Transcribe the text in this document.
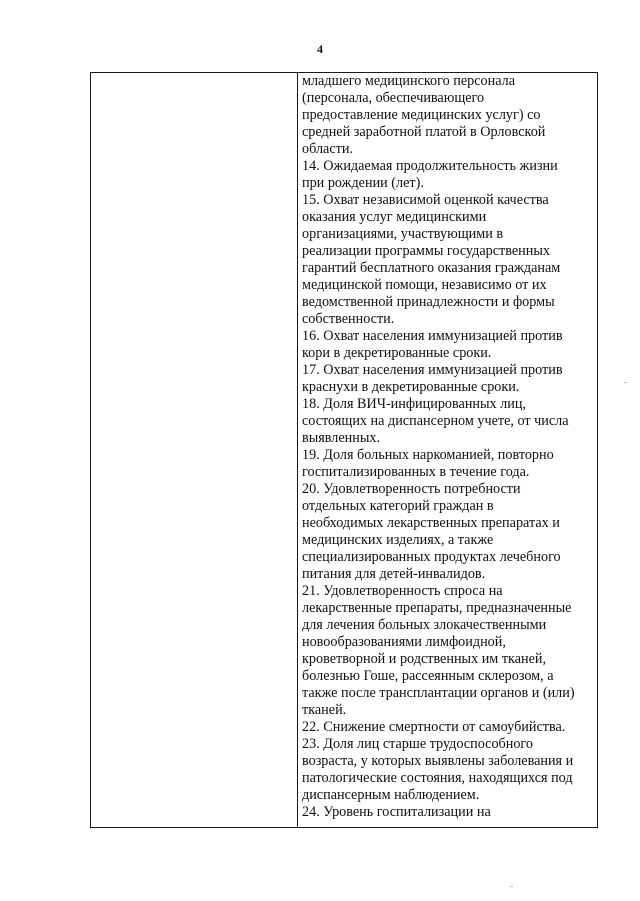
4
младшего медицинского персонала
(персонала, обеспечивающего
предоставление медицинских услуг) со
средней заработной платой в Орловской
области.
14. Ожидаемая продолжительность жизни
при рождении (лет).
15. Охват независимой оценкой качества
оказания услуг медицинскими
организациями, участвующими в
реализации программы государственных
гарантий бесплатного оказания гражданам
медицинской помощи, независимо от их
ведомственной принадлежности и формы
собственности.
16. Охват населения иммунизацией против
кори в декретированные сроки.
17. Охват населения иммунизацией против
краснухи в декретированные сроки.
18. Доля ВИЧ-инфицированных лиц,
состоящих на диспансерном учете, от числа
выявленных.
19. Доля больных наркоманией, повторно
госпитализированных в течение года.
20. Удовлетворенность потребности
отдельных категорий граждан в
необходимых лекарственных препаратах и
медицинских изделиях, а также
специализированных продуктах лечебного
питания для детей-инвалидов.
21. Удовлетворенность спроса на
лекарственные препараты, предназначенные
для лечения больных злокачественными
новообразованиями лимфоидной,
кроветворной и родственных им тканей,
болезнью Гоше, рассеянным склерозом, а
также после трансплантации органов и (или)
тканей.
22. Снижение смертности от самоубийства.
23. Доля лиц старше трудоспособного
возраста, у которых выявлены заболевания и
патологические состояния, находящихся под
диспансерным наблюдением.
24. Уровень госпитализации на
